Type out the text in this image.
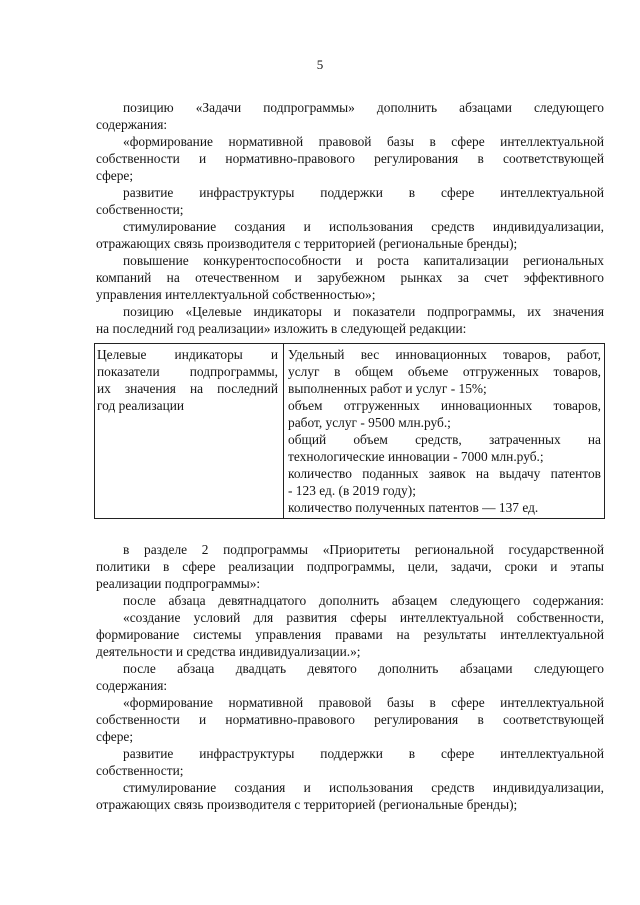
5
позицию «Задачи подпрограммы» дополнить абзацами следующего
содержания:
«формирование нормативной правовой базы в сфере интеллектуальной
собственности и нормативно-правового регулирования в соответствующей
сфере;
развитие инфраструктуры поддержки в сфере интеллектуальной
собственности;
стимулирование создания и использования средств индивидуализации,
отражающих связь производителя с территорией (региональные бренды);
повышение конкурентоспособности и роста капитализации региональных
компаний на отечественном и зарубежном рынках за счет эффективного
управления интеллектуальной собственностью»;
позицию «Целевые индикаторы и показатели подпрограммы, их значения
на последний год реализации» изложить в следующей редакции:
Целевые индикаторы и
показатели подпрограммы,
их значения на последний
год реализации
Удельный вес инновационных товаров, работ,
услуг в общем объеме отгруженных товаров,
выполненных работ и услуг - 15%;
объем отгруженных инновационных товаров,
работ, услуг - 9500 млн.руб.;
общий объем средств, затраченных на
технологические инновации - 7000 млн.руб.;
количество поданных заявок на выдачу патентов
- 123 ед. (в 2019 году);
количество полученных патентов — 137 ед.
в разделе 2 подпрограммы «Приоритеты региональной государственной
политики в сфере реализации подпрограммы, цели, задачи, сроки и этапы
реализации подпрограммы»:
после абзаца девятнадцатого дополнить абзацем следующего содержания:
«создание условий для развития сферы интеллектуальной собственности,
формирование системы управления правами на результаты интеллектуальной
деятельности и средства индивидуализации.»;
после абзаца двадцать девятого дополнить абзацами следующего
содержания:
«формирование нормативной правовой базы в сфере интеллектуальной
собственности и нормативно-правового регулирования в соответствующей
сфере;
развитие инфраструктуры поддержки в сфере интеллектуальной
собственности;
стимулирование создания и использования средств индивидуализации,
отражающих связь производителя с территорией (региональные бренды);
